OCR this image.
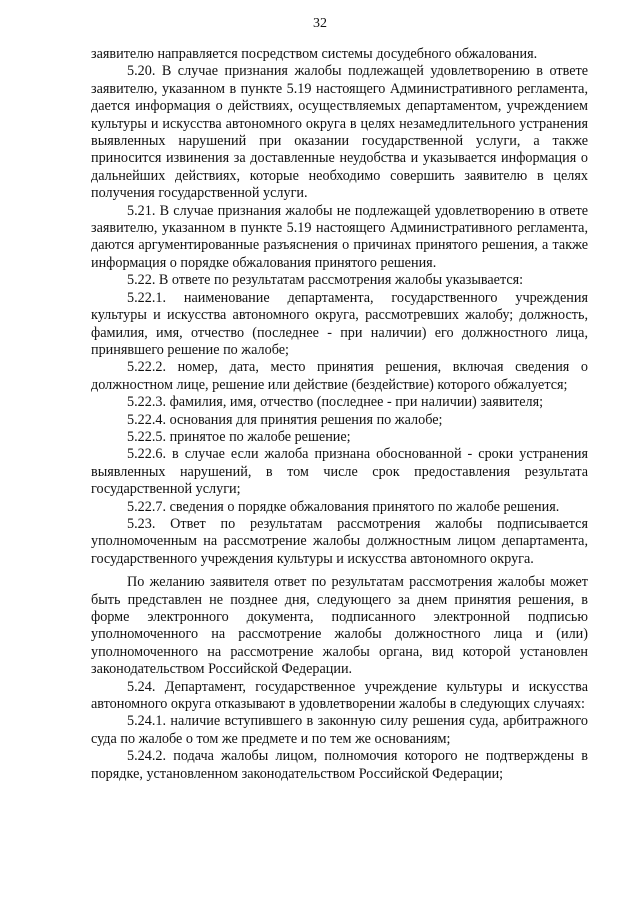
32

заявителю направляется посредством системы досудебного обжалования.

5.20. В случае признания жалобы подлежащей удовлетворению в ответе заявителю, указанном в пункте 5.19 настоящего Административного регламента, дается информация о действиях, осуществляемых департаментом, учреждением культуры и искусства автономного округа в целях незамедлительного устранения выявленных нарушений при оказании государственной услуги, а также приносится извинения за доставленные неудобства и указывается информация о дальнейших действиях, которые необходимо совершить заявителю в целях получения государственной услуги.

5.21. В случае признания жалобы не подлежащей удовлетворению в ответе заявителю, указанном в пункте 5.19 настоящего Административного регламента, даются аргументированные разъяснения о причинах принятого решения, а также информация о порядке обжалования принятого решения.

5.22. В ответе по результатам рассмотрения жалобы указывается:

5.22.1. наименование департамента, государственного учреждения культуры и искусства автономного округа, рассмотревших жалобу; должность, фамилия, имя, отчество (последнее - при наличии) его должностного лица, принявшего решение по жалобе;

5.22.2. номер, дата, место принятия решения, включая сведения о должностном лице, решение или действие (бездействие) которого обжалуется;

5.22.3. фамилия, имя, отчество (последнее - при наличии) заявителя;

5.22.4. основания для принятия решения по жалобе;

5.22.5. принятое по жалобе решение;

5.22.6. в случае если жалоба признана обоснованной - сроки устранения выявленных нарушений, в том числе срок предоставления результата государственной услуги;

5.22.7. сведения о порядке обжалования принятого по жалобе решения.

5.23. Ответ по результатам рассмотрения жалобы подписывается уполномоченным на рассмотрение жалобы должностным лицом департамента, государственного учреждения культуры и искусства автономного округа.

По желанию заявителя ответ по результатам рассмотрения жалобы может быть представлен не позднее дня, следующего за днем принятия решения, в форме электронного документа, подписанного электронной подписью уполномоченного на рассмотрение жалобы должностного лица и (или) уполномоченного на рассмотрение жалобы органа, вид которой установлен законодательством Российской Федерации.

5.24. Департамент, государственное учреждение культуры и искусства автономного округа отказывают в удовлетворении жалобы в следующих случаях:

5.24.1. наличие вступившего в законную силу решения суда, арбитражного суда по жалобе о том же предмете и по тем же основаниям;

5.24.2. подача жалобы лицом, полномочия которого не подтверждены в порядке, установленном законодательством Российской Федерации;
